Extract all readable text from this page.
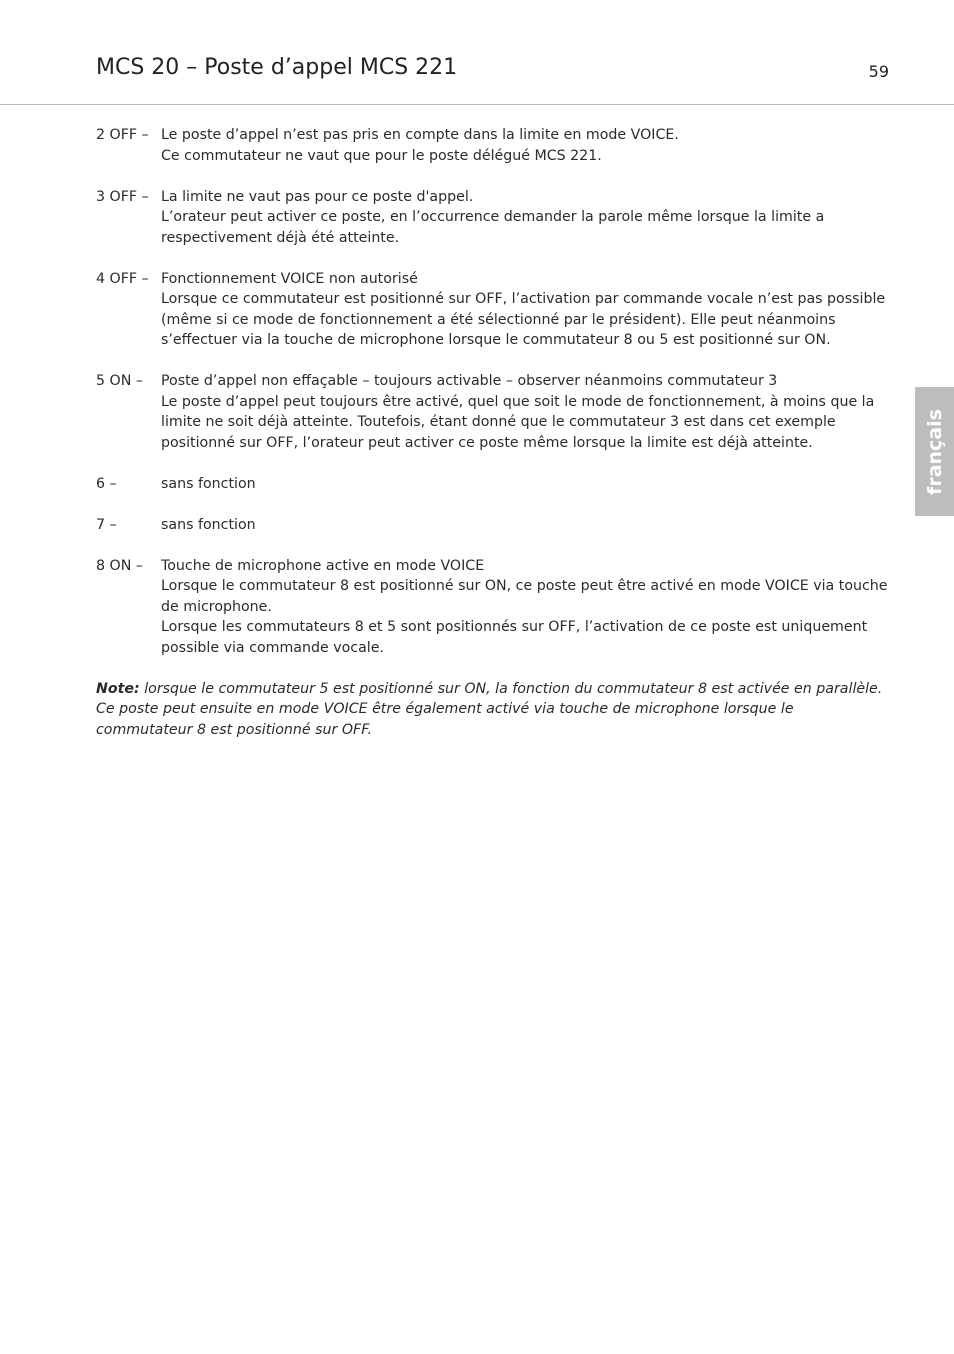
MCS 20 – Poste d’appel MCS 221	59
français
2 OFF – Le poste d’appel n’est pas pris en compte dans la limite en mode VOICE.
Ce commutateur ne vaut que pour le poste délégué MCS 221.
3 OFF – La limite ne vaut pas pour ce poste d'appel.
L’orateur peut activer ce poste, en l’occurrence demander la parole même lorsque la limite a respectivement déjà été atteinte.
4 OFF – Fonctionnement VOICE non autorisé
Lorsque ce commutateur est positionné sur OFF, l’activation par commande vocale n’est pas possible (même si ce mode de fonctionnement a été sélectionné par le président). Elle peut néanmoins s’effectuer via la touche de microphone lorsque le commutateur 8 ou 5 est positionné sur ON.
5 ON –	Poste d’appel non effaçable – toujours activable – observer néanmoins commutateur 3
Le poste d’appel peut toujours être activé, quel que soit le mode de fonctionnement, à moins que la limite ne soit déjà atteinte. Toutefois, étant donné que le commutateur 3 est dans cet exemple positionné sur OFF, l’orateur peut activer ce poste même lorsque la limite est déjà atteinte.
6 –	sans fonction
7 –	sans fonction
8 ON –	Touche de microphone active en mode VOICE
Lorsque le commutateur 8 est positionné sur ON, ce poste peut être activé en mode VOICE via touche de microphone.
Lorsque les commutateurs 8 et 5 sont positionnés sur OFF, l’activation de ce poste est uniquement possible via commande vocale.
Note: lorsque le commutateur 5 est positionné sur ON, la fonction du commutateur 8 est activée en parallèle. Ce poste peut ensuite en mode VOICE être également activé via touche de microphone lorsque le commutateur 8 est positionné sur OFF.
